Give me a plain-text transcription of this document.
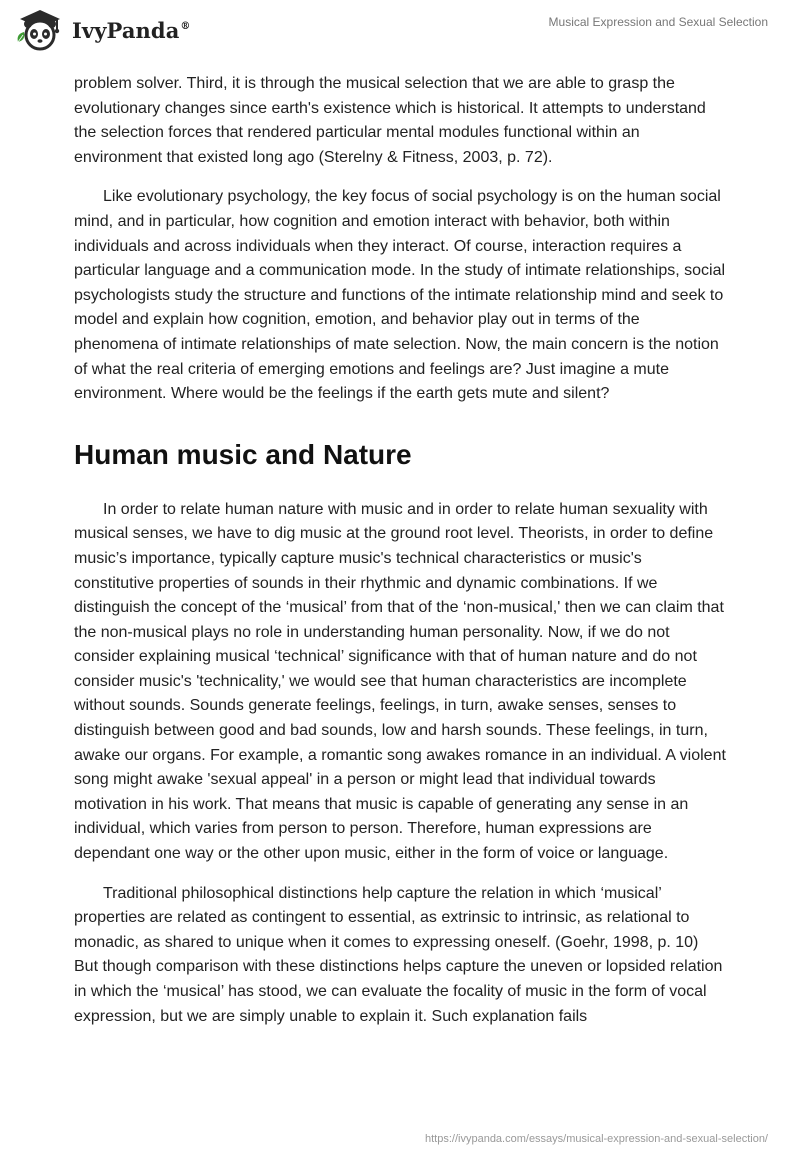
IvyPanda®	Musical Expression and Sexual Selection

problem solver. Third, it is through the musical selection that we are able to grasp the evolutionary changes since earth's existence which is historical. It attempts to understand the selection forces that rendered particular mental modules functional within an environment that existed long ago (Sterelny & Fitness, 2003, p. 72).

Like evolutionary psychology, the key focus of social psychology is on the human social mind, and in particular, how cognition and emotion interact with behavior, both within individuals and across individuals when they interact. Of course, interaction requires a particular language and a communication mode. In the study of intimate relationships, social psychologists study the structure and functions of the intimate relationship mind and seek to model and explain how cognition, emotion, and behavior play out in terms of the phenomena of intimate relationships of mate selection. Now, the main concern is the notion of what the real criteria of emerging emotions and feelings are? Just imagine a mute environment. Where would be the feelings if the earth gets mute and silent?

Human music and Nature

In order to relate human nature with music and in order to relate human sexuality with musical senses, we have to dig music at the ground root level. Theorists, in order to define music’s importance, typically capture music's technical characteristics or music's constitutive properties of sounds in their rhythmic and dynamic combinations. If we distinguish the concept of the ‘musical’ from that of the ‘non-musical,' then we can claim that the non-musical plays no role in understanding human personality. Now, if we do not consider explaining musical ‘technical’ significance with that of human nature and do not consider music's 'technicality,' we would see that human characteristics are incomplete without sounds. Sounds generate feelings, feelings, in turn, awake senses, senses to distinguish between good and bad sounds, low and harsh sounds. These feelings, in turn, awake our organs. For example, a romantic song awakes romance in an individual. A violent song might awake 'sexual appeal' in a person or might lead that individual towards motivation in his work. That means that music is capable of generating any sense in an individual, which varies from person to person. Therefore, human expressions are dependant one way or the other upon music, either in the form of voice or language.

Traditional philosophical distinctions help capture the relation in which ‘musical’ properties are related as contingent to essential, as extrinsic to intrinsic, as relational to monadic, as shared to unique when it comes to expressing oneself. (Goehr, 1998, p. 10) But though comparison with these distinctions helps capture the uneven or lopsided relation in which the ‘musical’ has stood, we can evaluate the focality of music in the form of vocal expression, but we are simply unable to explain it. Such explanation fails

https://ivypanda.com/essays/musical-expression-and-sexual-selection/
